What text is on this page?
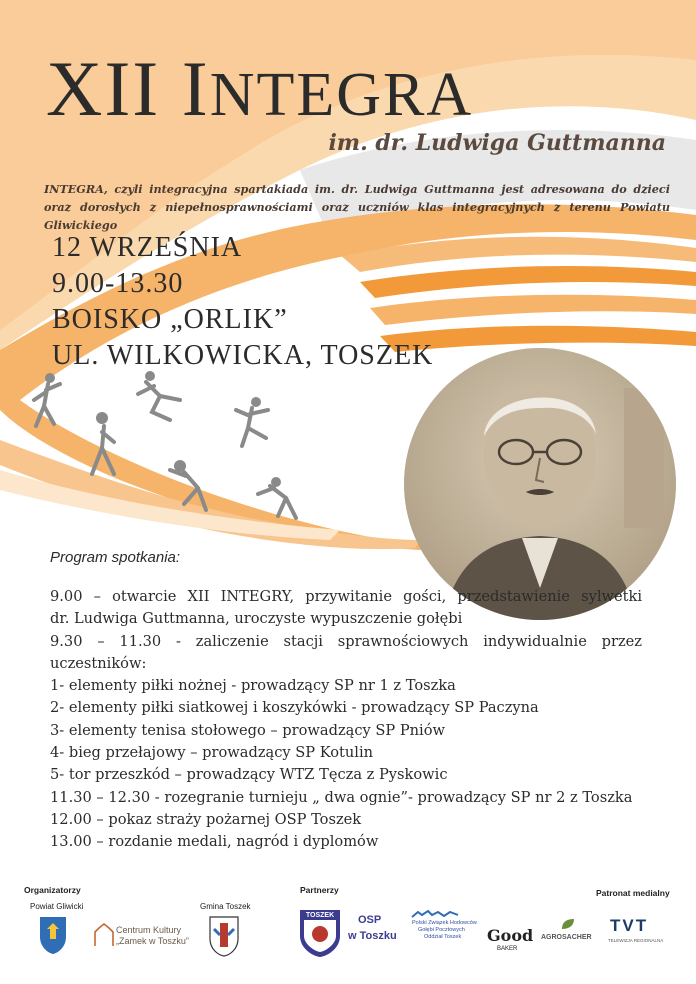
XII INTEGRA
im. dr. Ludwiga Guttmanna
INTEGRA, czyli integracyjna spartakiada im. dr. Ludwiga Guttmanna jest adresowana do dzieci oraz dorosłych z niepełnosprawnościami oraz uczniów klas integracyjnych z terenu Powiatu Gliwickiego
12 WRZEŚNIA
9.00-13.30
BOISKO „ORLIK”
UL. WILKOWICKA, TOSZEK
Program spotkania:
9.00 – otwarcie XII INTEGRY, przywitanie gości, przedstawienie sylwetki
dr. Ludwiga Guttmanna, uroczyste wypuszczenie gołębi
9.30 – 11.30 - zaliczenie stacji sprawnościowych indywidualnie przez
uczestników:
1- elementy piłki nożnej - prowadzący SP nr 1 z Toszka
2- elementy piłki siatkowej i koszykówki - prowadzący SP Paczyna
3- elementy tenisa stołowego – prowadzący SP Pniów
4- bieg przełajowy – prowadzący SP Kotulin
5- tor przeszkód – prowadzący WTZ Tęcza z Pyskowic
11.30 – 12.30 - rozegranie turnieju „ dwa ognie”- prowadzący SP nr 2 z Toszka
12.00 – pokaz straży pożarnej OSP Toszek
13.00 – rozdanie medali, nagród i dyplomów
Organizatorzy
Powiat Gliwicki
Centrum Kultury
„Zamek w Toszku”
Gmina Toszek
Partnerzy
TOSZEK OSP
w Toszku
Polski Związek Hodowców
Gołębi Pocztowych
Oddział Toszek Good
BAKER
AGROSACHER
Patronat medialny
TVT
TELEWIZJA REGIONALNA
